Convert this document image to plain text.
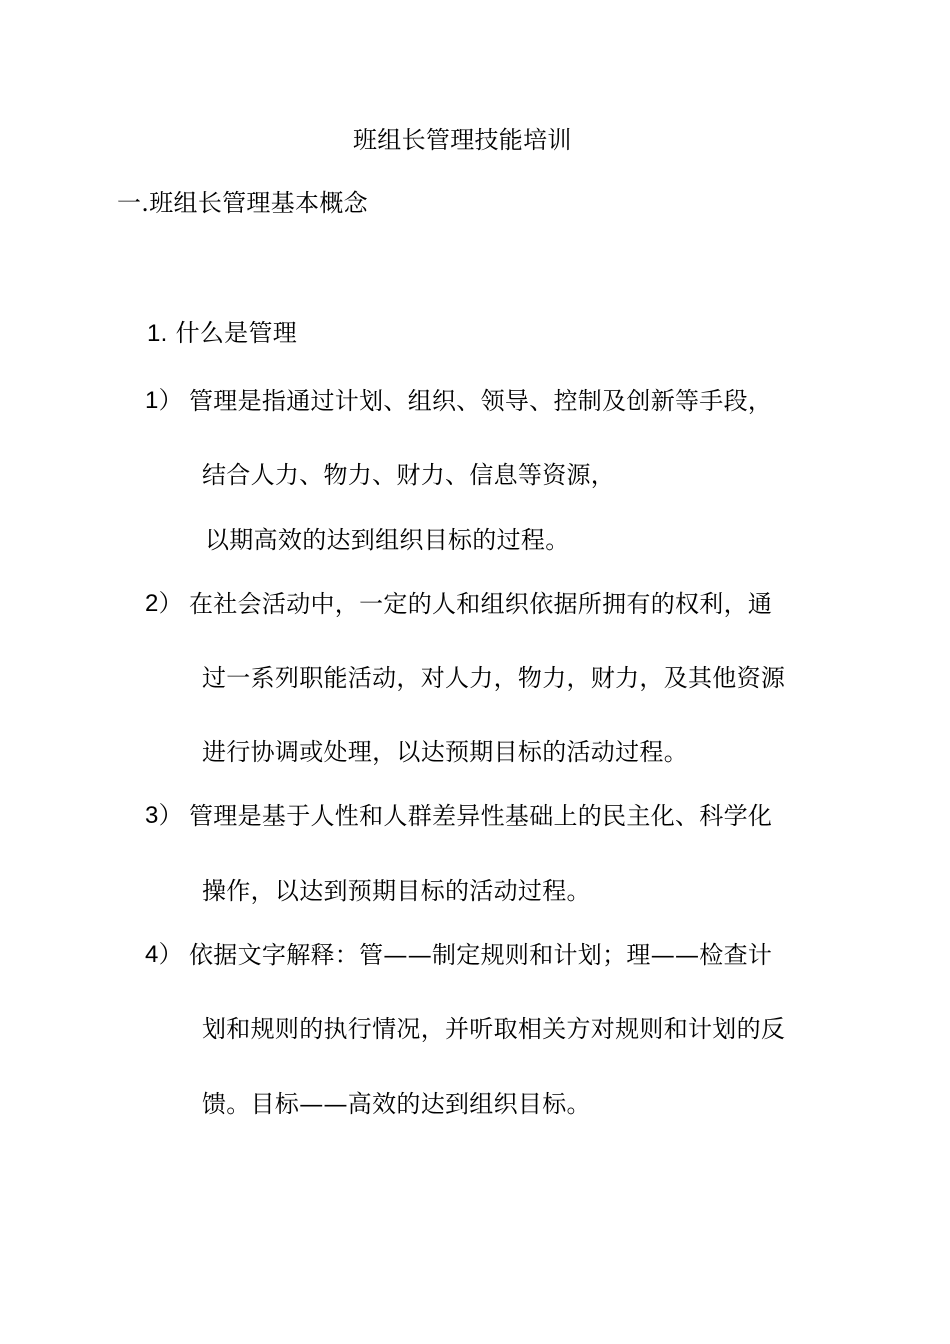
班组长管理技能培训
一.班组长管理基本概念
1. 什么是管理
1） 管理是指通过计划、组织、领导、控制及创新等手段，
结合人力、物力、财力、信息等资源，
以期高效的达到组织目标的过程。
2） 在社会活动中，一定的人和组织依据所拥有的权利，通
过一系列职能活动，对人力，物力，财力，及其他资源
进行协调或处理，以达预期目标的活动过程。
3） 管理是基于人性和人群差异性基础上的民主化、科学化
操作，以达到预期目标的活动过程。
4） 依据文字解释：管——制定规则和计划；理——检查计
划和规则的执行情况，并听取相关方对规则和计划的反
馈。目标——高效的达到组织目标。
